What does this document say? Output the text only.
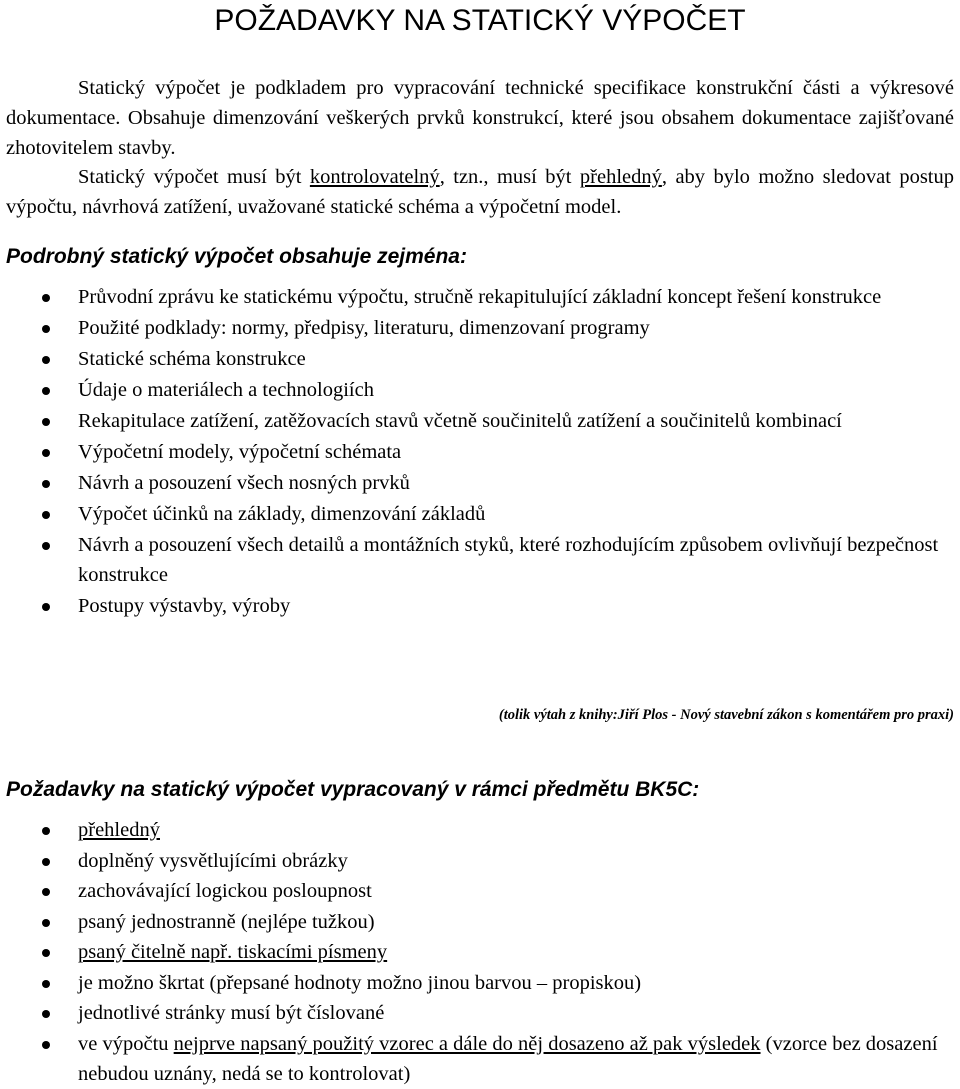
POŽADAVKY NA STATICKÝ VÝPOČET

Statický výpočet je podkladem pro vypracování technické specifikace konstrukční části a výkresové dokumentace. Obsahuje dimenzování veškerých prvků konstrukcí, které jsou obsahem dokumentace zajišťované zhotovitelem stavby.

Statický výpočet musí být kontrolovatelný, tzn., musí být přehledný, aby bylo možno sledovat postup výpočtu, návrhová zatížení, uvažované statické schéma a výpočetní model.

Podrobný statický výpočet obsahuje zejména:
Průvodní zprávu ke statickému výpočtu, stručně rekapitulující základní koncept řešení konstrukce
Použité podklady: normy, předpisy, literaturu, dimenzovaní programy
Statické schéma konstrukce
Údaje o materiálech a technologiích
Rekapitulace zatížení, zatěžovacích stavů včetně součinitelů zatížení a součinitelů kombinací
Výpočetní modely, výpočetní schémata
Návrh a posouzení všech nosných prvků
Výpočet účinků na základy, dimenzování základů
Návrh a posouzení všech detailů a montážních styků, které rozhodujícím způsobem ovlivňují bezpečnost konstrukce
Postupy výstavby, výroby

(tolik výtah z knihy:Jiří Plos - Nový stavební zákon s komentářem pro praxi)

Požadavky na statický výpočet vypracovaný v rámci předmětu BK5C:
přehledný
doplněný vysvětlujícími obrázky
zachovávající logickou posloupnost
psaný jednostranně (nejlépe tužkou)
psaný čitelně např. tiskacími písmeny
je možno škrtat (přepsané hodnoty možno jinou barvou – propiskou)
jednotlivé stránky musí být číslované
ve výpočtu nejprve napsaný použitý vzorec a dále do něj dosazeno až pak výsledek (vzorce bez dosazení nebudou uznány, nedá se to kontrolovat)
